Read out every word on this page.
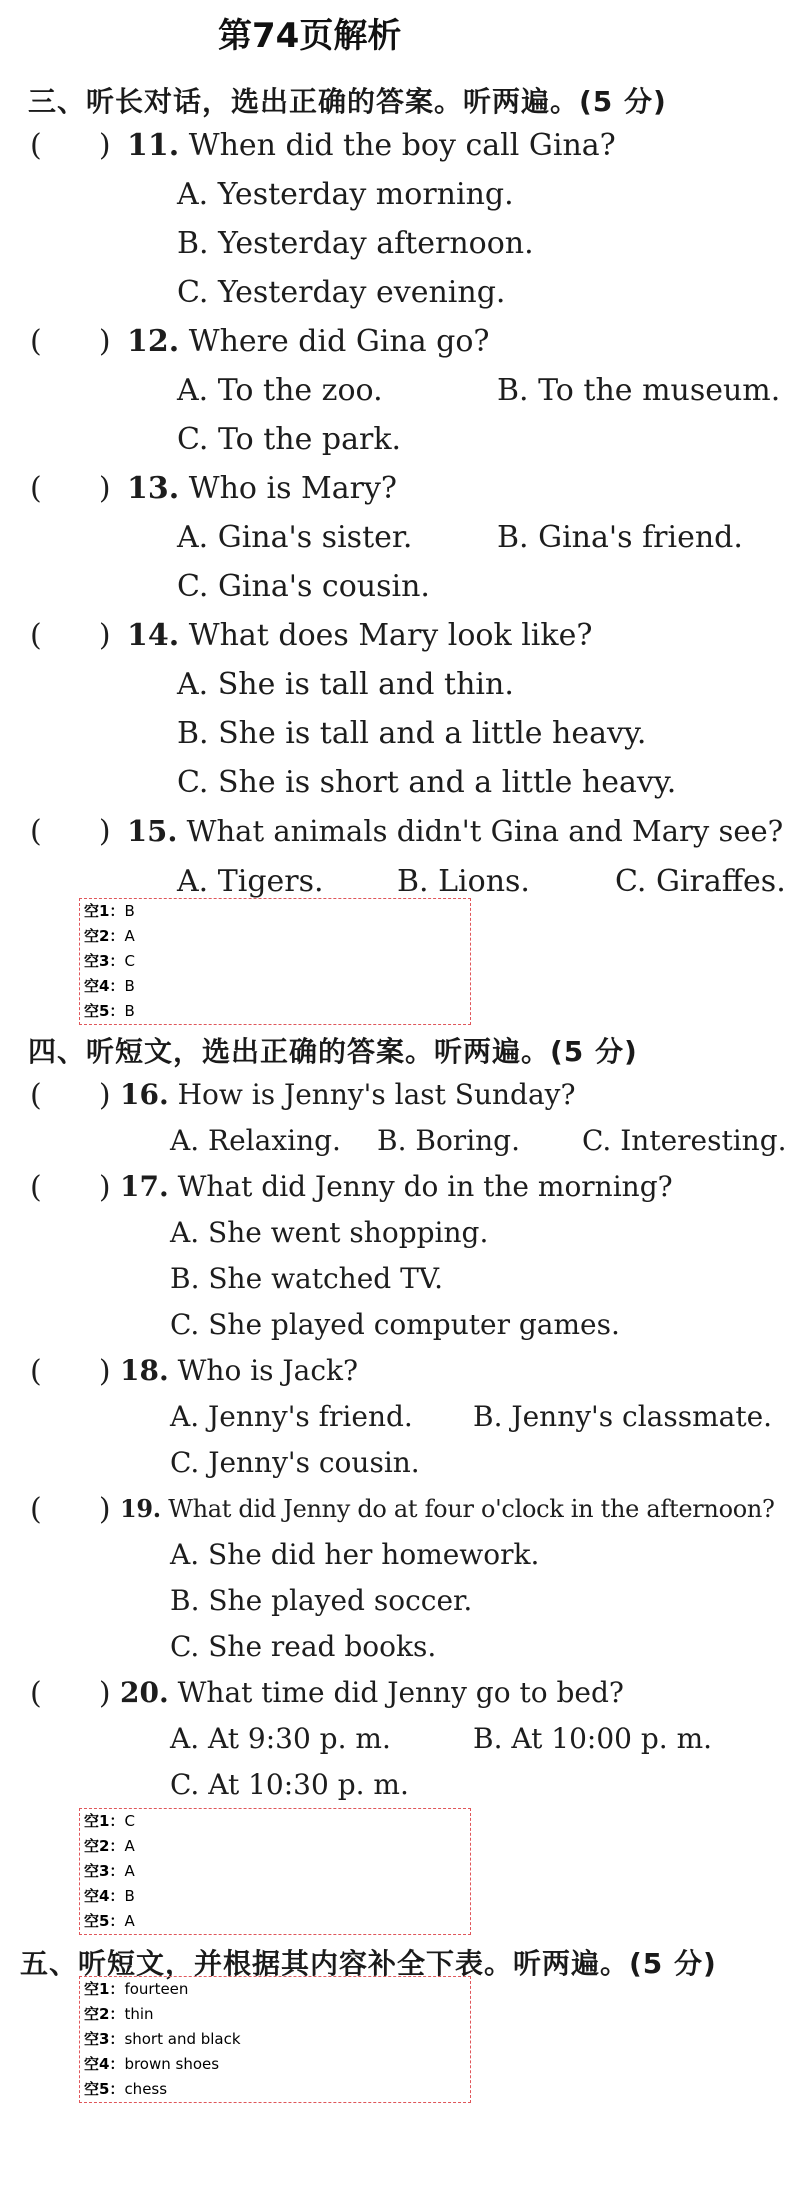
第74页解析
三、听长对话，选出正确的答案。听两遍。(5 分)
(      ) 11. When did the boy call Gina?
A. Yesterday morning.
B. Yesterday afternoon.
C. Yesterday evening.
(      ) 12. Where did Gina go?
A. To the zoo.	B. To the museum.
C. To the park.
(      ) 13. Who is Mary?
A. Gina's sister.	B. Gina's friend.
C. Gina's cousin.
(      ) 14. What does Mary look like?
A. She is tall and thin.
B. She is tall and a little heavy.
C. She is short and a little heavy.
(      ) 15. What animals didn't Gina and Mary see?
A. Tigers. B. Lions.	C. Giraffes.
空1：B
空2：A
空3：C
空4：B
空5：B
四、听短文，选出正确的答案。听两遍。(5 分)
(      ) 16. How is Jenny's last Sunday?
A. Relaxing. B. Boring. C. Interesting.
(      ) 17. What did Jenny do in the morning?
A. She went shopping.
B. She watched TV.
C. She played computer games.
(      ) 18. Who is Jack?
A. Jenny's friend. B. Jenny's classmate.
C. Jenny's cousin.
(      ) 19. What did Jenny do at four o'clock in the afternoon?
A. She did her homework.
B. She played soccer.
C. She read books.
(      ) 20. What time did Jenny go to bed?
A. At 9:30 p. m.	B. At 10:00 p. m.
C. At 10:30 p. m.
空1：C
空2：A
空3：A
空4：B
空5：A
五、听短文，并根据其内容补全下表。听两遍。(5 分)
空1：fourteen
空2：thin
空3：short and black
空4：brown shoes
空5：chess
